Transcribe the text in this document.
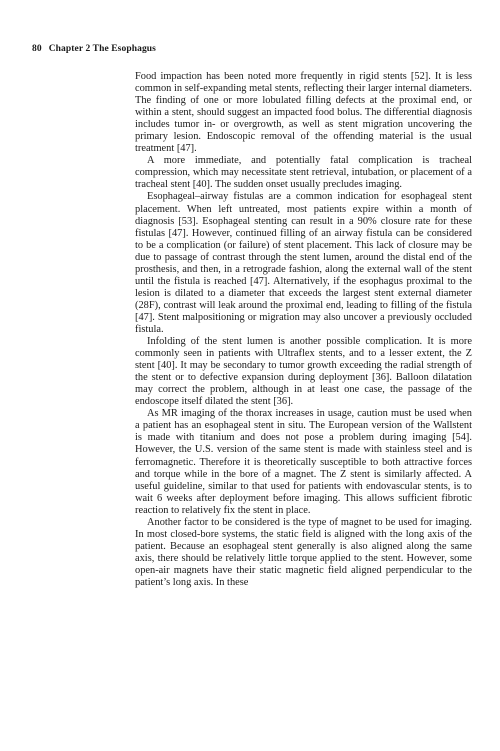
80 Chapter 2 The Esophagus

Food impaction has been noted more frequently in rigid stents [52]. It is less common in self-expanding metal stents, reflecting their larger internal diameters. The finding of one or more lobulated filling defects at the proximal end, or within a stent, should suggest an impacted food bolus. The differential diagnosis includes tumor in- or overgrowth, as well as stent migration uncovering the primary lesion. Endoscopic removal of the offending material is the usual treatment [47].

A more immediate, and potentially fatal complication is tracheal compression, which may necessitate stent retrieval, intubation, or placement of a tracheal stent [40]. The sudden onset usually precludes imaging.

Esophageal–airway fistulas are a common indication for esophageal stent placement. When left untreated, most patients expire within a month of diagnosis [53]. Esophageal stenting can result in a 90% closure rate for these fistulas [47]. However, continued filling of an airway fistula can be considered to be a complication (or failure) of stent placement. This lack of closure may be due to passage of contrast through the stent lumen, around the distal end of the prosthesis, and then, in a retrograde fashion, along the external wall of the stent until the fistula is reached [47]. Alternatively, if the esophagus proximal to the lesion is dilated to a diameter that exceeds the largest stent external diameter (28F), contrast will leak around the proximal end, leading to filling of the fistula [47]. Stent malpositioning or migration may also uncover a previously occluded fistula.

Infolding of the stent lumen is another possible complication. It is more commonly seen in patients with Ultraflex stents, and to a lesser extent, the Z stent [40]. It may be secondary to tumor growth exceeding the radial strength of the stent or to defective expansion during deployment [36]. Balloon dilatation may correct the problem, although in at least one case, the passage of the endoscope itself dilated the stent [36].

As MR imaging of the thorax increases in usage, caution must be used when a patient has an esophageal stent in situ. The European version of the Wallstent is made with titanium and does not pose a problem during imaging [54]. However, the U.S. version of the same stent is made with stainless steel and is ferromagnetic. Therefore it is theoretically susceptible to both attractive forces and torque while in the bore of a magnet. The Z stent is similarly affected. A useful guideline, similar to that used for patients with endovascular stents, is to wait 6 weeks after deployment before imaging. This allows sufficient fibrotic reaction to relatively fix the stent in place.

Another factor to be considered is the type of magnet to be used for imaging. In most closed-bore systems, the static field is aligned with the long axis of the patient. Because an esophageal stent generally is also aligned along the same axis, there should be relatively little torque applied to the stent. However, some open-air magnets have their static magnetic field aligned perpendicular to the patient’s long axis. In these
